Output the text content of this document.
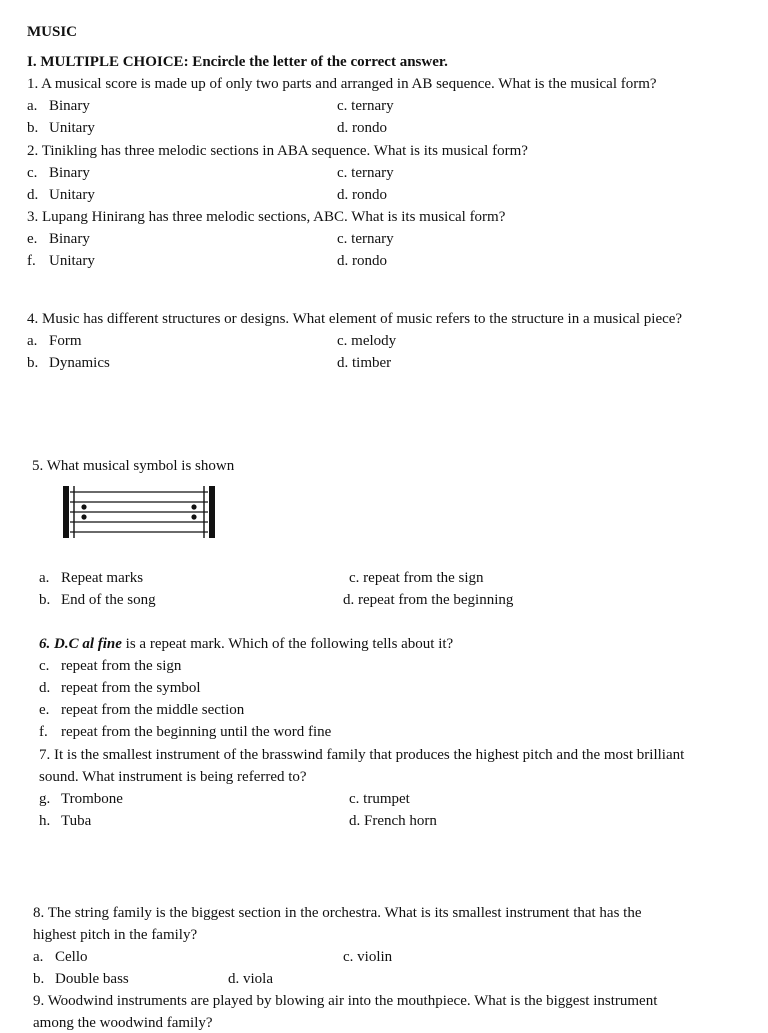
MUSIC
I. MULTIPLE CHOICE: Encircle the letter of the correct answer.
1. A musical score is made up of only two parts and arranged in AB sequence. What is the musical form?
a. Binary
b. Unitary
c. ternary
d. rondo
2. Tinikling has three melodic sections in ABA sequence. What is its musical form?
c. Binary
d. Unitary
c. ternary
d. rondo
3. Lupang Hinirang has three melodic sections, ABC. What is its musical form?
e. Binary
f. Unitary
c. ternary
d. rondo
4. Music has different structures or designs. What element of music refers to the structure in a musical piece?
a. Form
b. Dynamics
c. melody
d. timber
5. What musical symbol is shown
a. Repeat marks
b. End of the song
c. repeat from the sign
d. repeat from the beginning
6. D.C al fine is a repeat mark. Which of the following tells about it?
c. repeat from the sign
d. repeat from the symbol
e. repeat from the middle section
f. repeat from the beginning until the word fine
7. It is the smallest instrument of the brasswind family that produces the highest pitch and the most brilliant
sound. What instrument is being referred to?
g. Trombone
h. Tuba
c. trumpet
d. French horn
8. The string family is the biggest section in the orchestra. What is its smallest instrument that has the
highest pitch in the family?
a. Cello
b. Double bass
c. violin
d. viola
9. Woodwind instruments are played by blowing air into the mouthpiece. What is the biggest instrument
among the woodwind family?
